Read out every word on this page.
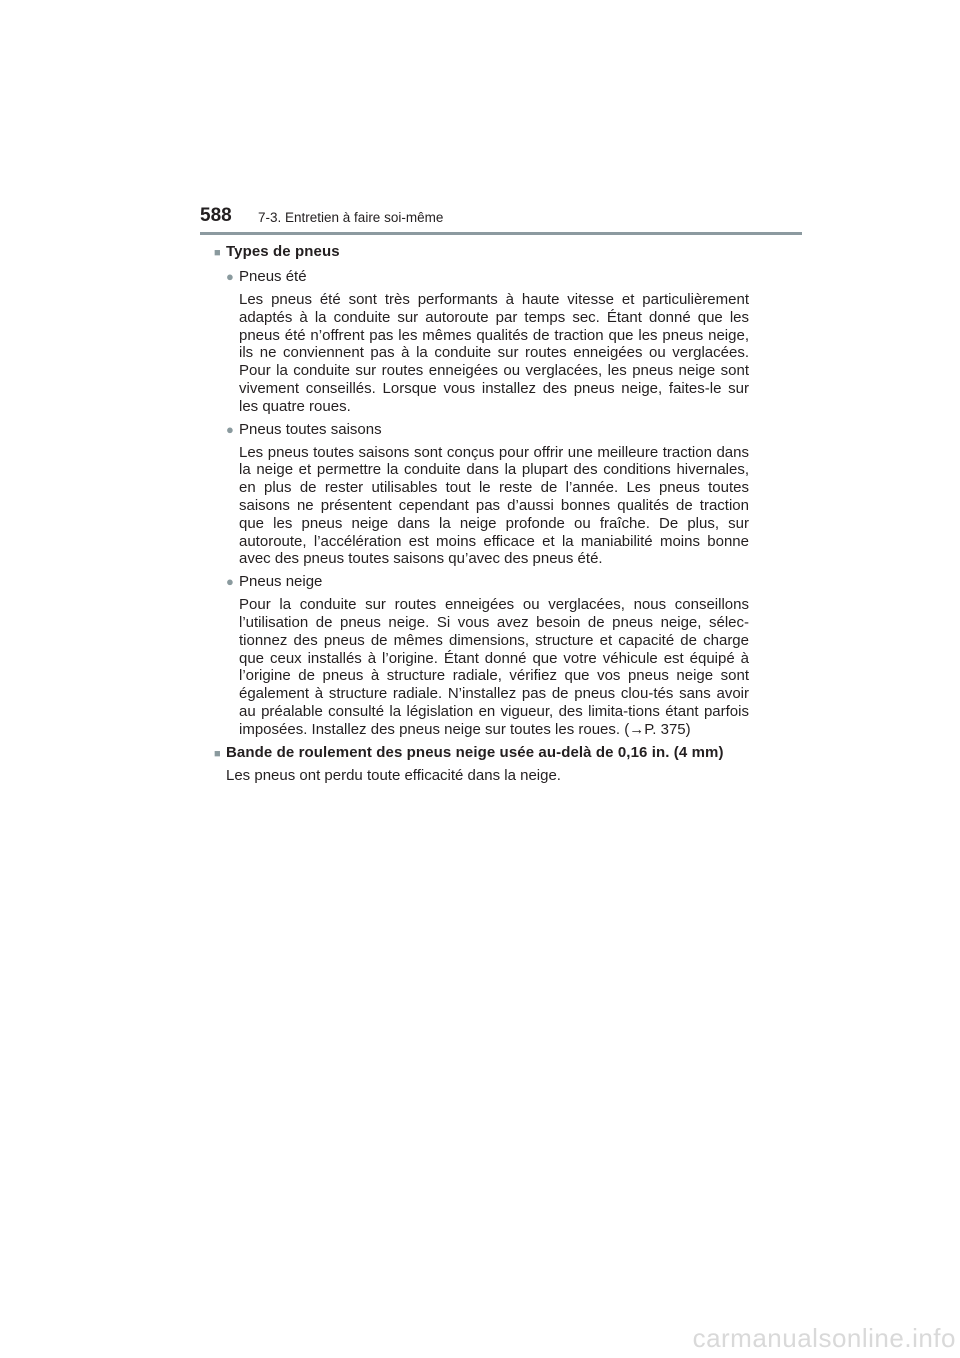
588 7-3. Entretien à faire soi-même
■ Types de pneus
● Pneus été
Les pneus été sont très performants à haute vitesse et particulièrement adaptés à la conduite sur autoroute par temps sec. Étant donné que les pneus été n’offrent pas les mêmes qualités de traction que les pneus neige, ils ne conviennent pas à la conduite sur routes enneigées ou verglacées. Pour la conduite sur routes enneigées ou verglacées, les pneus neige sont vivement conseillés. Lorsque vous installez des pneus neige, faites-le sur les quatre roues.
● Pneus toutes saisons
Les pneus toutes saisons sont conçus pour offrir une meilleure traction dans la neige et permettre la conduite dans la plupart des conditions hivernales, en plus de rester utilisables tout le reste de l’année. Les pneus toutes saisons ne présentent cependant pas d’aussi bonnes qualités de traction que les pneus neige dans la neige profonde ou fraîche. De plus, sur autoroute, l’accélération est moins efficace et la maniabilité moins bonne avec des pneus toutes saisons qu’avec des pneus été.
● Pneus neige
Pour la conduite sur routes enneigées ou verglacées, nous conseillons l’utilisation de pneus neige. Si vous avez besoin de pneus neige, sélec-tionnez des pneus de mêmes dimensions, structure et capacité de charge que ceux installés à l’origine. Étant donné que votre véhicule est équipé à l’origine de pneus à structure radiale, vérifiez que vos pneus neige sont également à structure radiale. N’installez pas de pneus clou-tés sans avoir au préalable consulté la législation en vigueur, des limita-tions étant parfois imposées. Installez des pneus neige sur toutes les roues. (→P. 375)
■ Bande de roulement des pneus neige usée au-delà de 0,16 in. (4 mm)
Les pneus ont perdu toute efficacité dans la neige.
carmanualsonline.info
